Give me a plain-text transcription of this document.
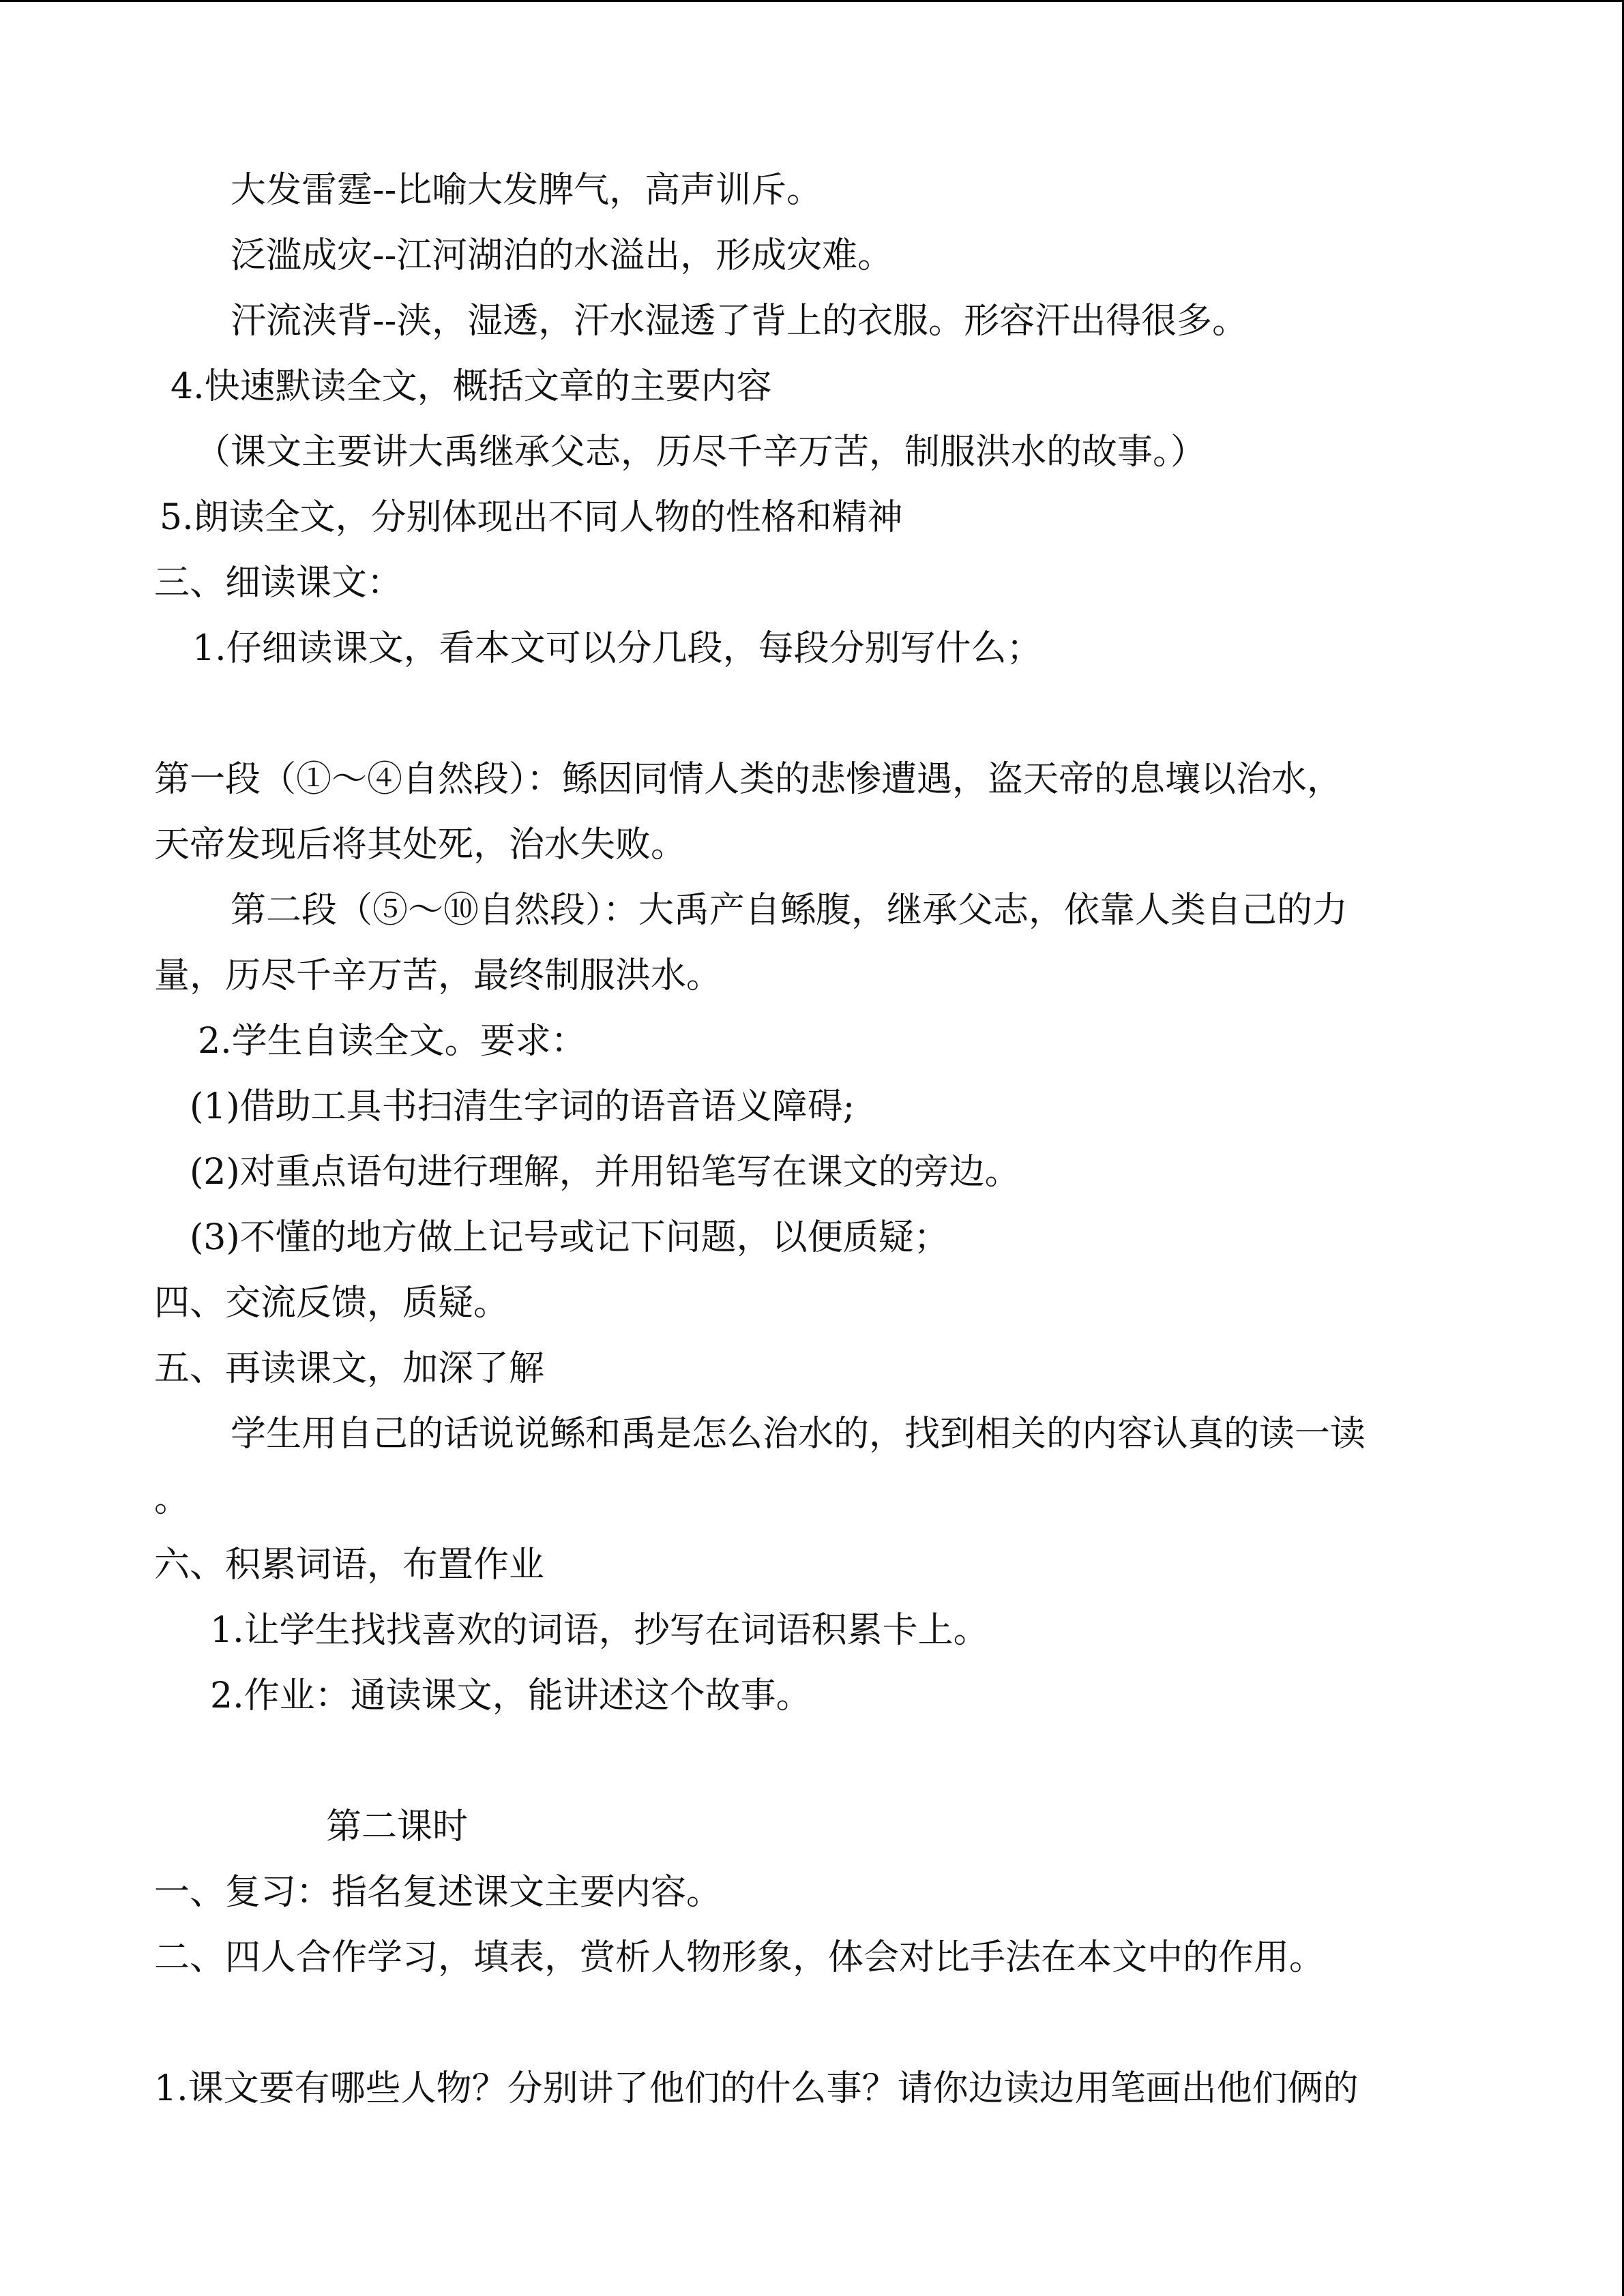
大发雷霆--比喻大发脾气，高声训斥。

泛滥成灾--江河湖泊的水溢出，形成灾难。

汗流浃背--浃，湿透，汗水湿透了背上的衣服。形容汗出得很多。

4.快速默读全文，概括文章的主要内容

（课文主要讲大禹继承父志，历尽千辛万苦，制服洪水的故事。）

5.朗读全文，分别体现出不同人物的性格和精神

三、细读课文：

1.仔细读课文，看本文可以分几段，每段分别写什么；

第一段（①～④自然段）：鲧因同情人类的悲惨遭遇，盗天帝的息壤以治水，

天帝发现后将其处死，治水失败。

第二段（⑤～⑩自然段）：大禹产自鲧腹，继承父志，依靠人类自己的力

量，历尽千辛万苦，最终制服洪水。

2.学生自读全文。要求：

(1)借助工具书扫清生字词的语音语义障碍;

(2)对重点语句进行理解，并用铅笔写在课文的旁边。

(3)不懂的地方做上记号或记下问题，以便质疑；

四、交流反馈，质疑。

五、再读课文，加深了解

学生用自己的话说说鲧和禹是怎么治水的，找到相关的内容认真的读一读

。

六、积累词语，布置作业

1.让学生找找喜欢的词语，抄写在词语积累卡上。

2.作业：通读课文，能讲述这个故事。

第二课时

一、复习：指名复述课文主要内容。

二、四人合作学习，填表，赏析人物形象，体会对比手法在本文中的作用。

1.课文要有哪些人物？分别讲了他们的什么事？请你边读边用笔画出他们俩的
